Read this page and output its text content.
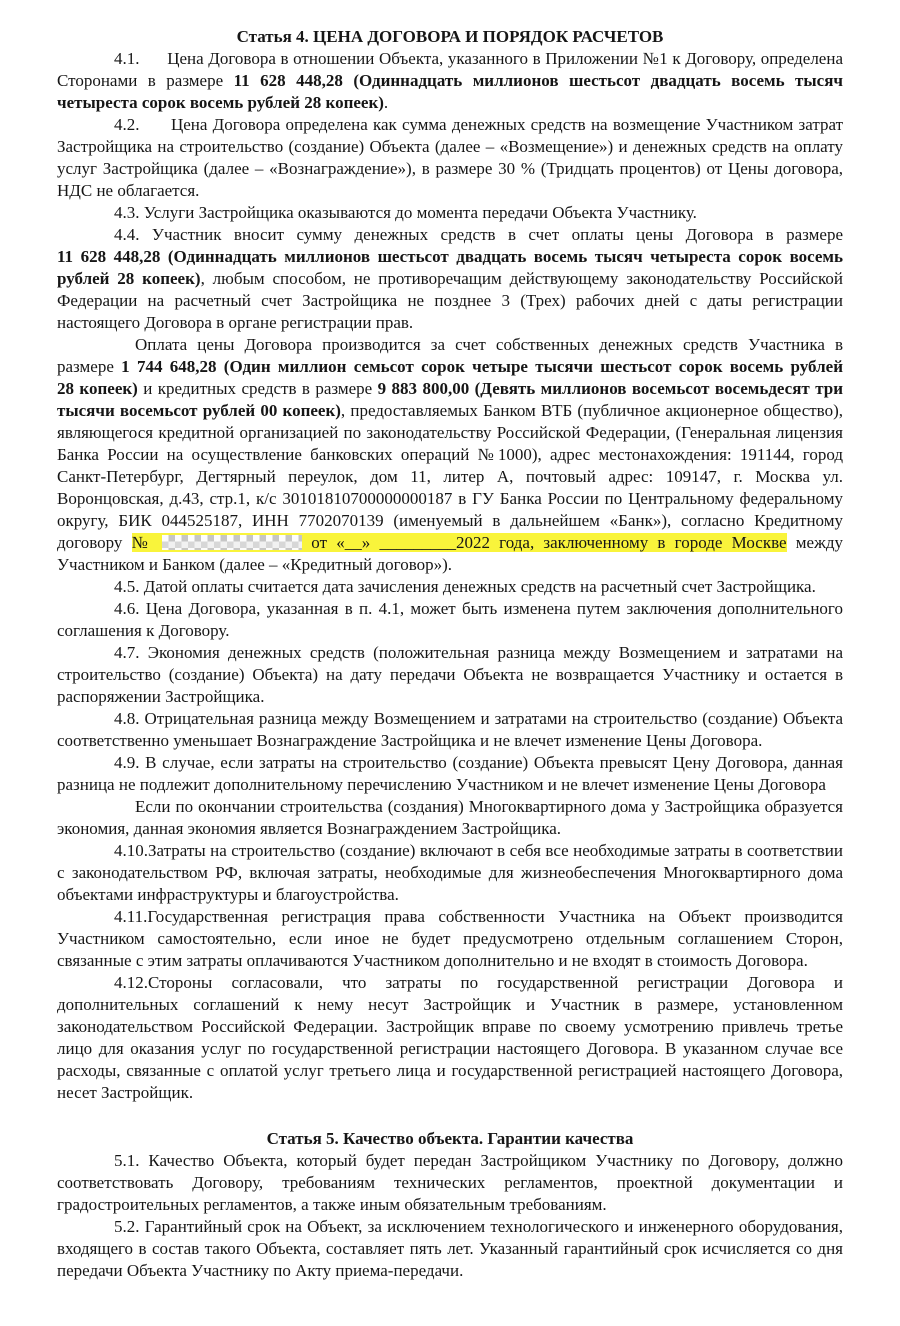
Статья 4. ЦЕНА ДОГОВОРА И ПОРЯДОК РАСЧЕТОВ

4.1.      Цена Договора в отношении Объекта, указанного в Приложении №1 к Договору, определена Сторонами в размере 11 628 448,28 (Одиннадцать миллионов шестьсот двадцать восемь тысяч четыреста сорок восемь рублей 28 копеек).

4.2.      Цена Договора определена как сумма денежных средств на возмещение Участником затрат Застройщика на строительство (создание) Объекта (далее – «Возмещение») и денежных средств на оплату услуг Застройщика (далее – «Вознаграждение»), в размере 30 % (Тридцать процентов) от Цены договора, НДС не облагается.

4.3. Услуги Застройщика оказываются до момента передачи Объекта Участнику.

4.4. Участник вносит сумму денежных средств в счет оплаты цены Договора в размере 11 628 448,28 (Одиннадцать миллионов шестьсот двадцать восемь тысяч четыреста сорок восемь рублей 28 копеек), любым способом, не противоречащим действующему законодательству Российской Федерации на расчетный счет Застройщика не позднее 3 (Трех) рабочих дней с даты регистрации настоящего Договора в органе регистрации прав.

Оплата цены Договора производится за счет собственных денежных средств Участника в размере 1 744 648,28 (Один миллион семьсот сорок четыре тысячи шестьсот сорок восемь рублей 28 копеек) и кредитных средств в размере 9 883 800,00 (Девять миллионов восемьсот восемьдесят три тысячи восемьсот рублей 00 копеек), предоставляемых Банком ВТБ (публичное акционерное общество), являющегося кредитной организацией по законодательству Российской Федерации, (Генеральная лицензия Банка России на осуществление банковских операций №1000), адрес местонахождения: 191144, город Санкт-Петербург, Дегтярный переулок, дом 11, литер А, почтовый адрес: 109147, г. Москва ул. Воронцовская, д.43, стр.1, к/с 30101810700000000187 в ГУ Банка России по Центральному федеральному округу, БИК 044525187, ИНН 7702070139 (именуемый в дальнейшем «Банк»), согласно Кредитному договору №	от «__» _________2022 года, заключенному в городе Москве между Участником и Банком (далее – «Кредитный договор»).

4.5. Датой оплаты считается дата зачисления денежных средств на расчетный счет Застройщика.

4.6. Цена Договора, указанная в п. 4.1, может быть изменена путем заключения дополнительного соглашения к Договору.

4.7. Экономия денежных средств (положительная разница между Возмещением и затратами на строительство (создание) Объекта) на дату передачи Объекта не возвращается Участнику и остается в распоряжении Застройщика.

4.8. Отрицательная разница между Возмещением и затратами на строительство (создание) Объекта соответственно уменьшает Вознаграждение Застройщика и не влечет изменение Цены Договора.

4.9. В случае, если затраты на строительство (создание) Объекта превысят Цену Договора, данная разница не подлежит дополнительному перечислению Участником и не влечет изменение Цены Договора

Если по окончании строительства (создания) Многоквартирного дома у Застройщика образуется экономия, данная экономия является Вознаграждением Застройщика.

4.10.Затраты на строительство (создание) включают в себя все необходимые затраты в соответствии с законодательством РФ, включая затраты, необходимые для жизнеобеспечения Многоквартирного дома объектами инфраструктуры и благоустройства.

4.11.Государственная регистрация права собственности Участника на Объект производится Участником самостоятельно, если иное не будет предусмотрено отдельным соглашением Сторон, связанные с этим затраты оплачиваются Участником дополнительно и не входят в стоимость Договора.

4.12.Стороны согласовали, что затраты по государственной регистрации Договора и дополнительных соглашений к нему несут Застройщик и Участник в размере, установленном законодательством Российской Федерации. Застройщик вправе по своему усмотрению привлечь третье лицо для оказания услуг по государственной регистрации настоящего Договора. В указанном случае все расходы, связанные с оплатой услуг третьего лица и государственной регистрацией настоящего Договора, несет Застройщик.

Статья 5. Качество объекта. Гарантии качества

5.1. Качество Объекта, который будет передан Застройщиком Участнику по Договору, должно соответствовать Договору, требованиям технических регламентов, проектной документации и градостроительных регламентов, а также иным обязательным требованиям.

5.2. Гарантийный срок на Объект, за исключением технологического и инженерного оборудования, входящего в состав такого Объекта, составляет пять лет. Указанный гарантийный срок исчисляется со дня передачи Объекта Участнику по Акту приема-передачи.
